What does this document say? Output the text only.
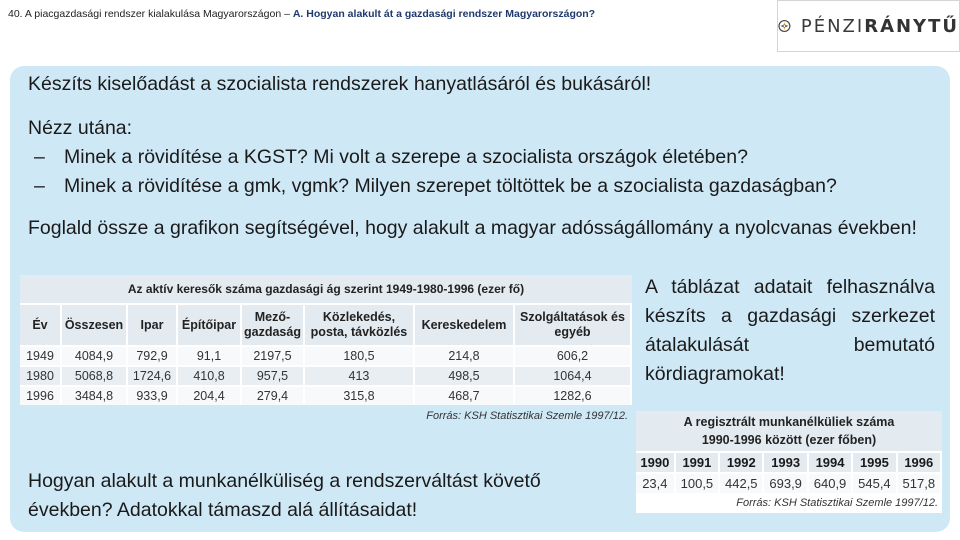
40. A piacgazdasági rendszer kialakulása Magyarországon – A. Hogyan alakult át a gazdasági rendszer Magyarországon?
PÉNZIRÁNYTŰ
Készíts kiselőadást a szocialista rendszerek hanyatlásáról és bukásáról!
Nézz utána:
– Minek a rövidítése a KGST? Mi volt a szerepe a szocialista országok életében?
– Minek a rövidítése a gmk, vgmk? Milyen szerepet töltöttek be a szocialista gazdaságban?
Foglald össze a grafikon segítségével, hogy alakult a magyar adósságállomány a nyolcvanas években!
Az aktív keresők száma gazdasági ág szerint 1949-1980-1996 (ezer fő)
Év	Összesen	Ipar	Építőipar	Mező-gazdaság	Közlekedés, posta, távközlés	Kereskedelem	Szolgáltatások és egyéb
1949	4084,9	792,9	91,1	2197,5	180,5	214,8	606,2
1980	5068,8	1724,6	410,8	957,5	413	498,5	1064,4
1996	3484,8	933,9	204,4	279,4	315,8	468,7	1282,6
Forrás: KSH Statisztikai Szemle 1997/12.
A táblázat adatait felhasználva készíts a gazdasági szerkezet átalakulását bemutató kördiagramokat!
A regisztrált munkanélküliek száma
1990-1996 között (ezer főben)
1990	1991	1992	1993	1994	1995	1996
23,4	100,5	442,5	693,9	640,9	545,4	517,8
Forrás: KSH Statisztikai Szemle 1997/12.
Hogyan alakult a munkanélküliség a rendszerváltást követő években? Adatokkal támaszd alá állításaidat!
